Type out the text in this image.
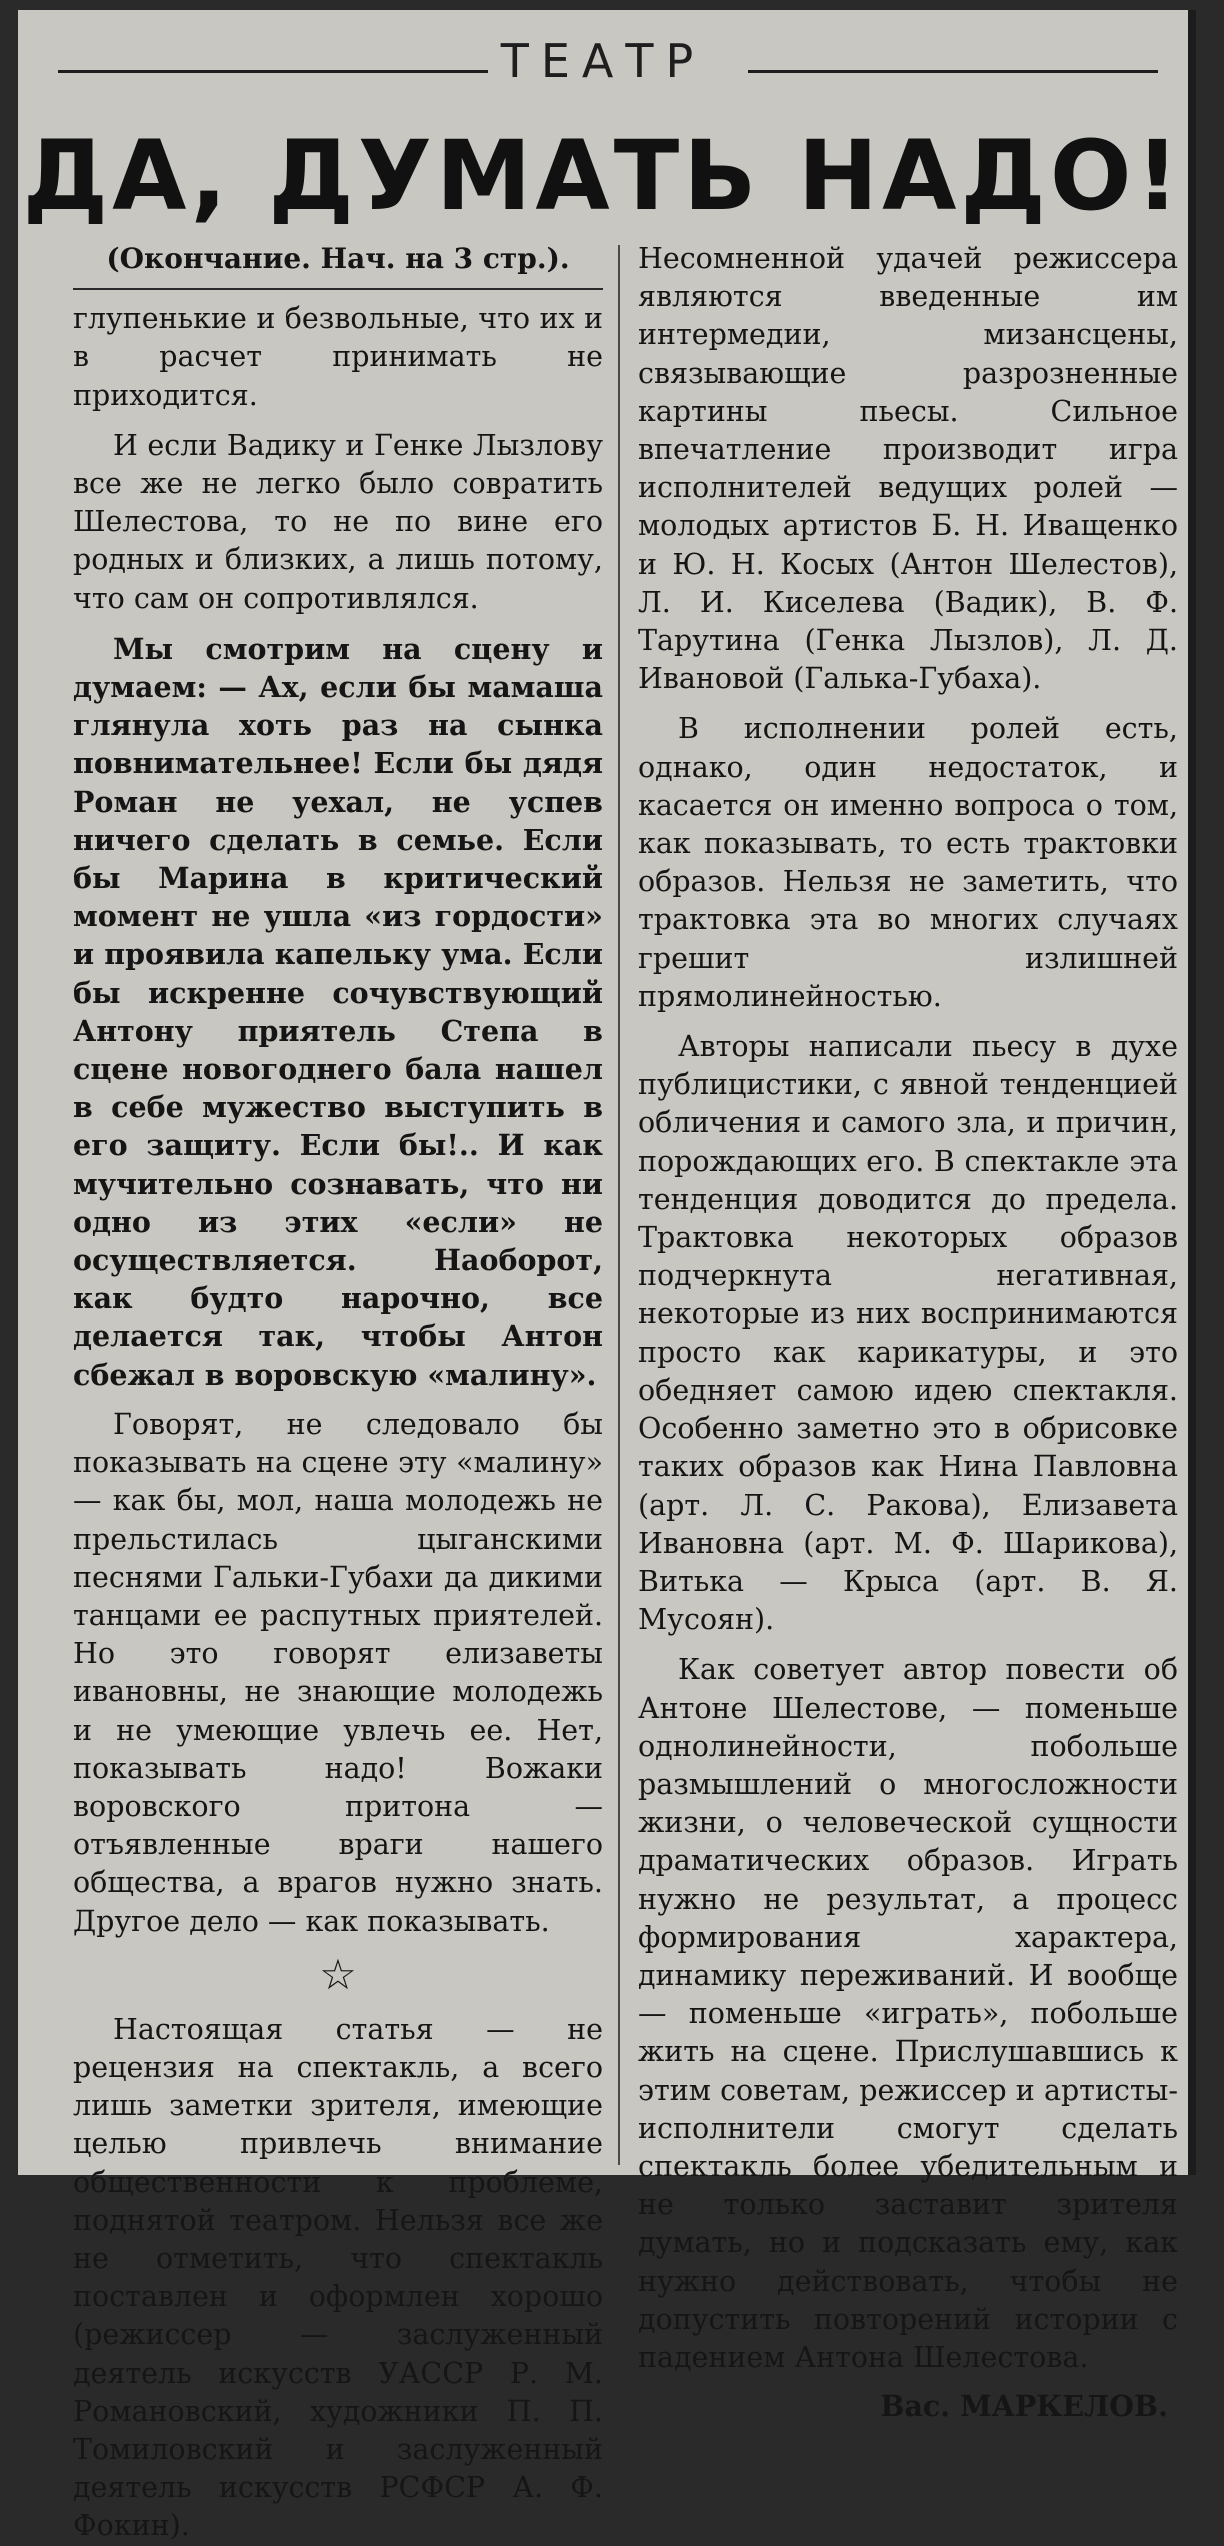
ТЕАТР
ДА, ДУМАТЬ НАДО!
(Окончание. Нач. на 3 стр.).

глупенькие и безвольные, что их и в расчет принимать не приходится.

И если Вадику и Генке Лызлову все же не легко было совратить Шелестова, то не по вине его родных и близких, а лишь потому, что сам он сопротивлялся.

Мы смотрим на сцену и думаем: — Ах, если бы мамаша глянула хоть раз на сынка повнимательнее! Если бы дядя Роман не уехал, не успев ничего сделать в семье. Если бы Марина в критический момент не ушла «из гордости» и проявила капельку ума. Если бы искренне сочувствующий Антону приятель Степа в сцене новогоднего бала нашел в себе мужество выступить в его защиту. Если бы!.. И как мучительно сознавать, что ни одно из этих «если» не осуществляется. Наоборот, как будто нарочно, все делается так, чтобы Антон сбежал в воровскую «малину».

Говорят, не следовало бы показывать на сцене эту «малину» — как бы, мол, наша молодежь не прельстилась цыганскими песнями Гальки-Губахи да дикими танцами ее распутных приятелей. Но это говорят елизаветы ивановны, не знающие молодежь и не умеющие увлечь ее. Нет, показывать надо! Вожаки воровского притона — отъявленные враги нашего общества, а врагов нужно знать. Другое дело — как показывать.

☆

Настоящая статья — не рецензия на спектакль, а всего лишь заметки зрителя, имеющие целью привлечь внимание общественности к проблеме, поднятой театром. Нельзя все же не отметить, что спектакль поставлен и оформлен хорошо (режиссер — заслуженный деятель искусств УАССР Р. М. Романовский, художники П. П. Томиловский и заслуженный деятель искусств РСФСР А. Ф. Фокин).

Несомненной удачей режиссера являются введенные им интермедии, мизансцены, связывающие разрозненные картины пьесы. Сильное впечатление производит игра исполнителей ведущих ролей — молодых артистов Б. Н. Иващенко и Ю. Н. Косых (Антон Шелестов), Л. И. Киселева (Вадик), В. Ф. Тарутина (Генка Лызлов), Л. Д. Ивановой (Галька-Губаха).

В исполнении ролей есть, однако, один недостаток, и касается он именно вопроса о том, как показывать, то есть трактовки образов. Нельзя не заметить, что трактовка эта во многих случаях грешит излишней прямолинейностью.

Авторы написали пьесу в духе публицистики, с явной тенденцией обличения и самого зла, и причин, порождающих его. В спектакле эта тенденция доводится до предела. Трактовка некоторых образов подчеркнута негативная, некоторые из них воспринимаются просто как карикатуры, и это обедняет самою идею спектакля. Особенно заметно это в обрисовке таких образов как Нина Павловна (арт. Л. С. Ракова), Елизавета Ивановна (арт. М. Ф. Шарикова), Витька — Крыса (арт. В. Я. Мусоян).

Как советует автор повести об Антоне Шелестове, — поменьше однолинейности, побольше размышлений о многосложности жизни, о человеческой сущности драматических образов. Играть нужно не результат, а процесс формирования характера, динамику переживаний. И вообще — поменьше «играть», побольше жить на сцене. Прислушавшись к этим советам, режиссер и артисты-исполнители смогут сделать спектакль более убедительным и не только заставит зрителя думать, но и подсказать ему, как нужно действовать, чтобы не допустить повторений истории с падением Антона Шелестова.

Вас. МАРКЕЛОВ.
